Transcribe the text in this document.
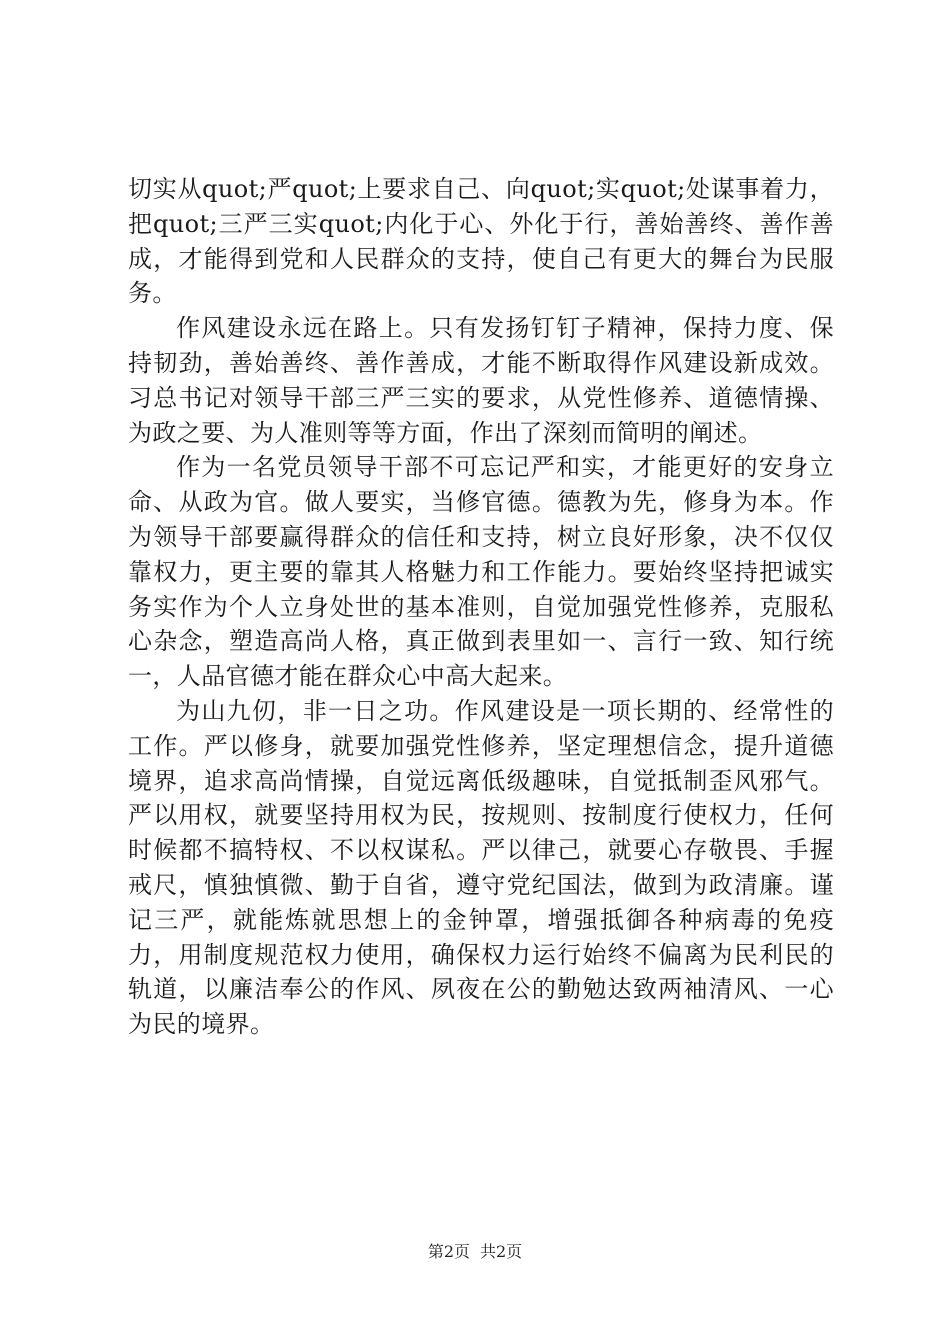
切实从quot;严quot;上要求自己、向quot;实quot;处谋事着力，把quot;三严三实quot;内化于心、外化于行，善始善终、善作善成，才能得到党和人民群众的支持，使自己有更大的舞台为民服务。

作风建设永远在路上。只有发扬钉钉子精神，保持力度、保持韧劲，善始善终、善作善成，才能不断取得作风建设新成效。习总书记对领导干部三严三实的要求，从党性修养、道德情操、为政之要、为人准则等等方面，作出了深刻而简明的阐述。

作为一名党员领导干部不可忘记严和实，才能更好的安身立命、从政为官。做人要实，当修官德。德教为先，修身为本。作为领导干部要赢得群众的信任和支持，树立良好形象，决不仅仅靠权力，更主要的靠其人格魅力和工作能力。要始终坚持把诚实务实作为个人立身处世的基本准则，自觉加强党性修养，克服私心杂念，塑造高尚人格，真正做到表里如一、言行一致、知行统一，人品官德才能在群众心中高大起来。

为山九仞，非一日之功。作风建设是一项长期的、经常性的工作。严以修身，就要加强党性修养，坚定理想信念，提升道德境界，追求高尚情操，自觉远离低级趣味，自觉抵制歪风邪气。严以用权，就要坚持用权为民，按规则、按制度行使权力，任何时候都不搞特权、不以权谋私。严以律己，就要心存敬畏、手握戒尺，慎独慎微、勤于自省，遵守党纪国法，做到为政清廉。谨记三严，就能炼就思想上的金钟罩，增强抵御各种病毒的免疫力，用制度规范权力使用，确保权力运行始终不偏离为民利民的轨道，以廉洁奉公的作风、夙夜在公的勤勉达致两袖清风、一心为民的境界。

第2页 共2页
